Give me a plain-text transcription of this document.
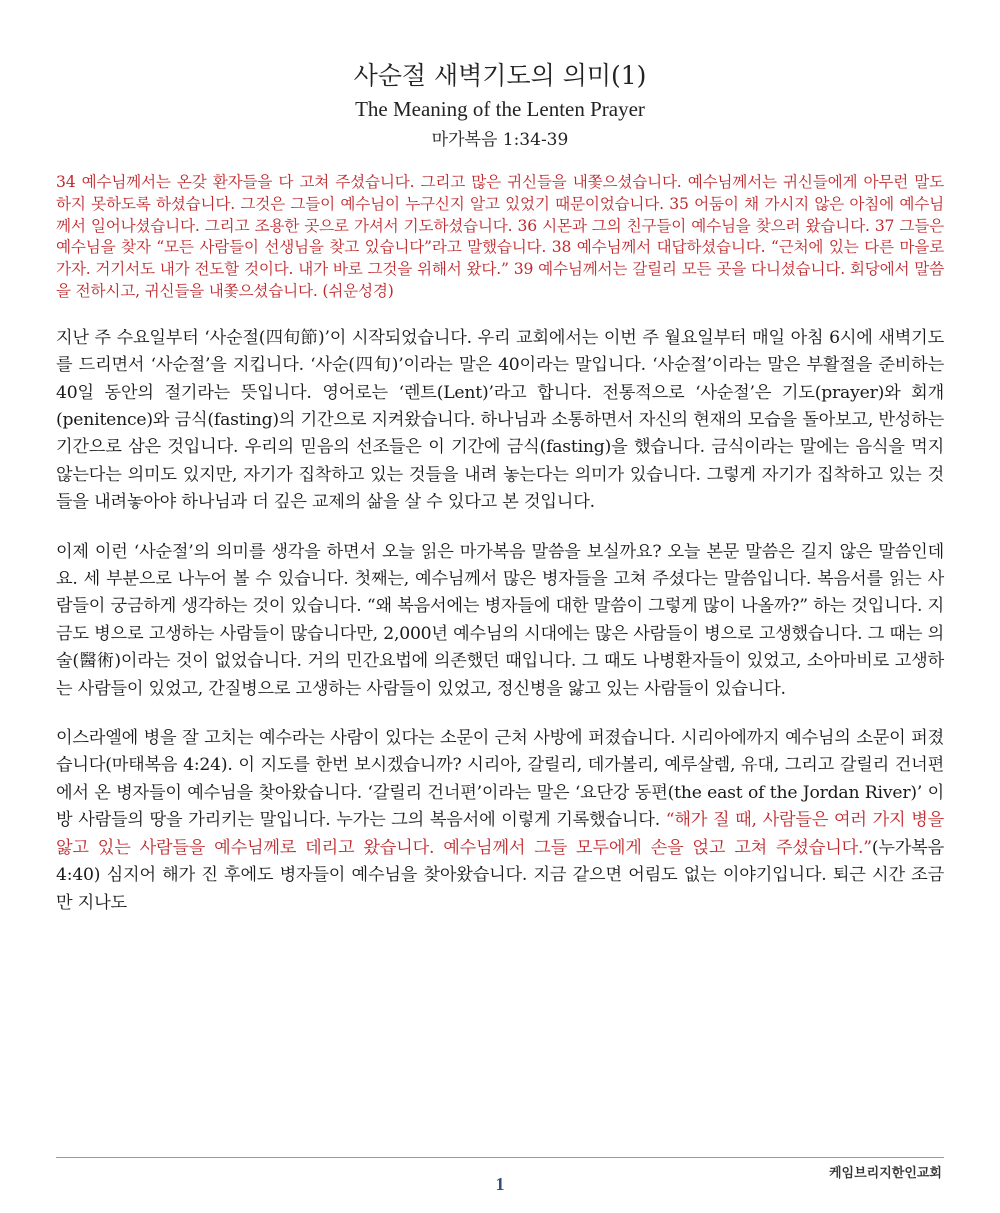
사순절 새벽기도의 의미(1)

The Meaning of the Lenten Prayer

마가복음 1:34-39

34 예수님께서는 온갖 환자들을 다 고쳐 주셨습니다. 그리고 많은 귀신들을 내쫓으셨습니다. 예수님께서는 귀신들에게 아무런 말도 하지 못하도록 하셨습니다. 그것은 그들이 예수님이 누구신지 알고 있었기 때문이었습니다. 35 어둠이 채 가시지 않은 아침에 예수님께서 일어나셨습니다. 그리고 조용한 곳으로 가셔서 기도하셨습니다. 36 시몬과 그의 친구들이 예수님을 찾으러 왔습니다. 37 그들은 예수님을 찾자 “모든 사람들이 선생님을 찾고 있습니다”라고 말했습니다. 38 예수님께서 대답하셨습니다. “근처에 있는 다른 마을로 가자. 거기서도 내가 전도할 것이다. 내가 바로 그것을 위해서 왔다.” 39 예수님께서는 갈릴리 모든 곳을 다니셨습니다. 회당에서 말씀을 전하시고, 귀신들을 내쫓으셨습니다. (쉬운성경)

지난 주 수요일부터 ‘사순절(四旬節)’이 시작되었습니다. 우리 교회에서는 이번 주 월요일부터 매일 아침 6시에 새벽기도를 드리면서 ‘사순절’을 지킵니다. ‘사순(四旬)’이라는 말은 40이라는 말입니다. ‘사순절’이라는 말은 부활절을 준비하는 40일 동안의 절기라는 뜻입니다. 영어로는 ‘렌트(Lent)’라고 합니다. 전통적으로 ‘사순절’은 기도(prayer)와 회개(penitence)와 금식(fasting)의 기간으로 지켜왔습니다. 하나님과 소통하면서 자신의 현재의 모습을 돌아보고, 반성하는 기간으로 삼은 것입니다. 우리의 믿음의 선조들은 이 기간에 금식(fasting)을 했습니다. 금식이라는 말에는 음식을 먹지 않는다는 의미도 있지만, 자기가 집착하고 있는 것들을 내려 놓는다는 의미가 있습니다. 그렇게 자기가 집착하고 있는 것들을 내려놓아야 하나님과 더 깊은 교제의 삶을 살 수 있다고 본 것입니다.

이제 이런 ‘사순절’의 의미를 생각을 하면서 오늘 읽은 마가복음 말씀을 보실까요? 오늘 본문 말씀은 길지 않은 말씀인데요. 세 부분으로 나누어 볼 수 있습니다. 첫째는, 예수님께서 많은 병자들을 고쳐 주셨다는 말씀입니다. 복음서를 읽는 사람들이 궁금하게 생각하는 것이 있습니다. “왜 복음서에는 병자들에 대한 말씀이 그렇게 많이 나올까?” 하는 것입니다. 지금도 병으로 고생하는 사람들이 많습니다만, 2,000년 예수님의 시대에는 많은 사람들이 병으로 고생했습니다. 그 때는 의술(醫術)이라는 것이 없었습니다. 거의 민간요법에 의존했던 때입니다. 그 때도 나병환자들이 있었고, 소아마비로 고생하는 사람들이 있었고, 간질병으로 고생하는 사람들이 있었고, 정신병을 앓고 있는 사람들이 있습니다.

이스라엘에 병을 잘 고치는 예수라는 사람이 있다는 소문이 근처 사방에 퍼졌습니다. 시리아에까지 예수님의 소문이 퍼졌습니다(마태복음 4:24). 이 지도를 한번 보시겠습니까? 시리아, 갈릴리, 데가볼리, 예루살렘, 유대, 그리고 갈릴리 건너편에서 온 병자들이 예수님을 찾아왔습니다. ‘갈릴리 건너편’이라는 말은 ‘요단강 동편(the east of the Jordan River)’ 이방 사람들의 땅을 가리키는 말입니다. 누가는 그의 복음서에 이렇게 기록했습니다. “해가 질 때, 사람들은 여러 가지 병을 앓고 있는 사람들을 예수님께로 데리고 왔습니다. 예수님께서 그들 모두에게 손을 얹고 고쳐 주셨습니다.”(누가복음 4:40) 심지어 해가 진 후에도 병자들이 예수님을 찾아왔습니다. 지금 같으면 어림도 없는 이야기입니다. 퇴근 시간 조금만 지나도

케임브리지한인교회
1
